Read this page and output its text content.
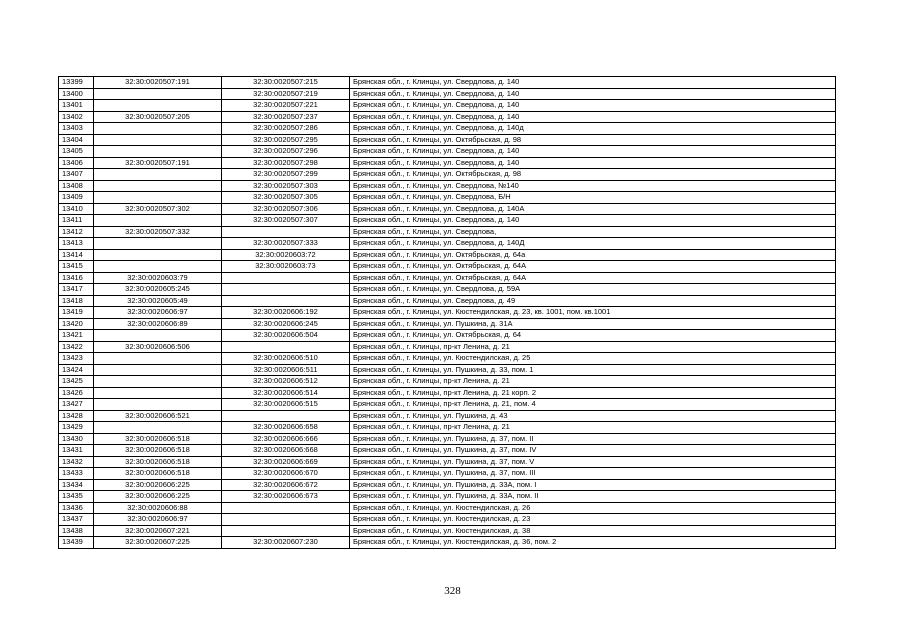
13399	32:30:0020507:191	32:30:0020507:215	Брянская обл., г. Клинцы, ул. Свердлова, д. 140
13400		32:30:0020507:219	Брянская обл., г. Клинцы, ул. Свердлова, д. 140
13401		32:30:0020507:221	Брянская обл., г. Клинцы, ул. Свердлова, д. 140
13402	32:30:0020507:205	32:30:0020507:237	Брянская обл., г. Клинцы, ул. Свердлова, д. 140
13403		32:30:0020507:286	Брянская обл., г. Клинцы, ул. Свердлова, д. 140д
13404		32:30:0020507:295	Брянская обл., г. Клинцы, ул. Октябрьская, д. 98
13405		32:30:0020507:296	Брянская обл., г. Клинцы, ул. Свердлова, д. 140
13406	32:30:0020507:191	32:30:0020507:298	Брянская обл., г. Клинцы, ул. Свердлова, д. 140
13407		32:30:0020507:299	Брянская обл., г. Клинцы, ул. Октябрьская, д. 98
13408		32:30:0020507:303	Брянская обл., г. Клинцы, ул. Свердлова, №140
13409		32:30:0020507:305	Брянская обл., г. Клинцы, ул. Свердлова, Б/Н
13410	32:30:0020507:302	32:30:0020507:306	Брянская обл., г. Клинцы, ул. Свердлова, д. 140А
13411		32:30:0020507:307	Брянская обл., г. Клинцы, ул. Свердлова, д. 140
13412	32:30:0020507:332		Брянская обл., г. Клинцы, ул. Свердлова,
13413		32:30:0020507:333	Брянская обл., г. Клинцы, ул. Свердлова, д. 140Д
13414		32:30:0020603:72	Брянская обл., г. Клинцы, ул. Октябрьская, д. 64а
13415		32:30:0020603:73	Брянская обл., г. Клинцы, ул. Октябрьская, д. 64А
13416	32:30:0020603:79		Брянская обл., г. Клинцы, ул. Октябрьская, д. 64А
13417	32:30:0020605:245		Брянская обл., г. Клинцы, ул. Свердлова, д. 59А
13418	32:30:0020605:49		Брянская обл., г. Клинцы, ул. Свердлова, д. 49
13419	32:30:0020606:97	32:30:0020606:192	Брянская обл., г. Клинцы, ул. Кюстендилская, д. 23, кв. 1001, пом. кв.1001
13420	32:30:0020606:89	32:30:0020606:245	Брянская обл., г. Клинцы, ул. Пушкина, д. 31А
13421		32:30:0020606:504	Брянская обл., г. Клинцы, ул. Октябрьская, д. 64
13422	32:30:0020606:506		Брянская обл., г. Клинцы, пр-кт Ленина, д. 21
13423		32:30:0020606:510	Брянская обл., г. Клинцы, ул. Кюстендилская, д. 25
13424		32:30:0020606:511	Брянская обл., г. Клинцы, ул. Пушкина, д. 33, пом. 1
13425		32:30:0020606:512	Брянская обл., г. Клинцы, пр-кт Ленина, д. 21
13426		32:30:0020606:514	Брянская обл., г. Клинцы, пр-кт Ленина, д. 21 корп. 2
13427		32:30:0020606:515	Брянская обл., г. Клинцы, пр-кт Ленина, д. 21, пом. 4
13428	32:30:0020606:521		Брянская обл., г. Клинцы, ул. Пушкина, д. 43
13429		32:30:0020606:658	Брянская обл., г. Клинцы, пр-кт Ленина, д. 21
13430	32:30:0020606:518	32:30:0020606:666	Брянская обл., г. Клинцы, ул. Пушкина, д. 37, пом. II
13431	32:30:0020606:518	32:30:0020606:668	Брянская обл., г. Клинцы, ул. Пушкина, д. 37, пом. IV
13432	32:30:0020606:518	32:30:0020606:669	Брянская обл., г. Клинцы, ул. Пушкина, д. 37, пом. V
13433	32:30:0020606:518	32:30:0020606:670	Брянская обл., г. Клинцы, ул. Пушкина, д. 37, пом. III
13434	32:30:0020606:225	32:30:0020606:672	Брянская обл., г. Клинцы, ул. Пушкина, д. 33А, пом. I
13435	32:30:0020606:225	32:30:0020606:673	Брянская обл., г. Клинцы, ул. Пушкина, д. 33А, пом. II
13436	32:30:0020606:88		Брянская обл., г. Клинцы, ул. Кюстендилская, д. 26
13437	32:30:0020606:97		Брянская обл., г. Клинцы, ул. Кюстендилская, д. 23
13438	32:30:0020607:221		Брянская обл., г. Клинцы, ул. Кюстендилская, д. 38
13439	32:30:0020607:225	32:30:0020607:230	Брянская обл., г. Клинцы, ул. Кюстендилская, д. 36, пом. 2
328
